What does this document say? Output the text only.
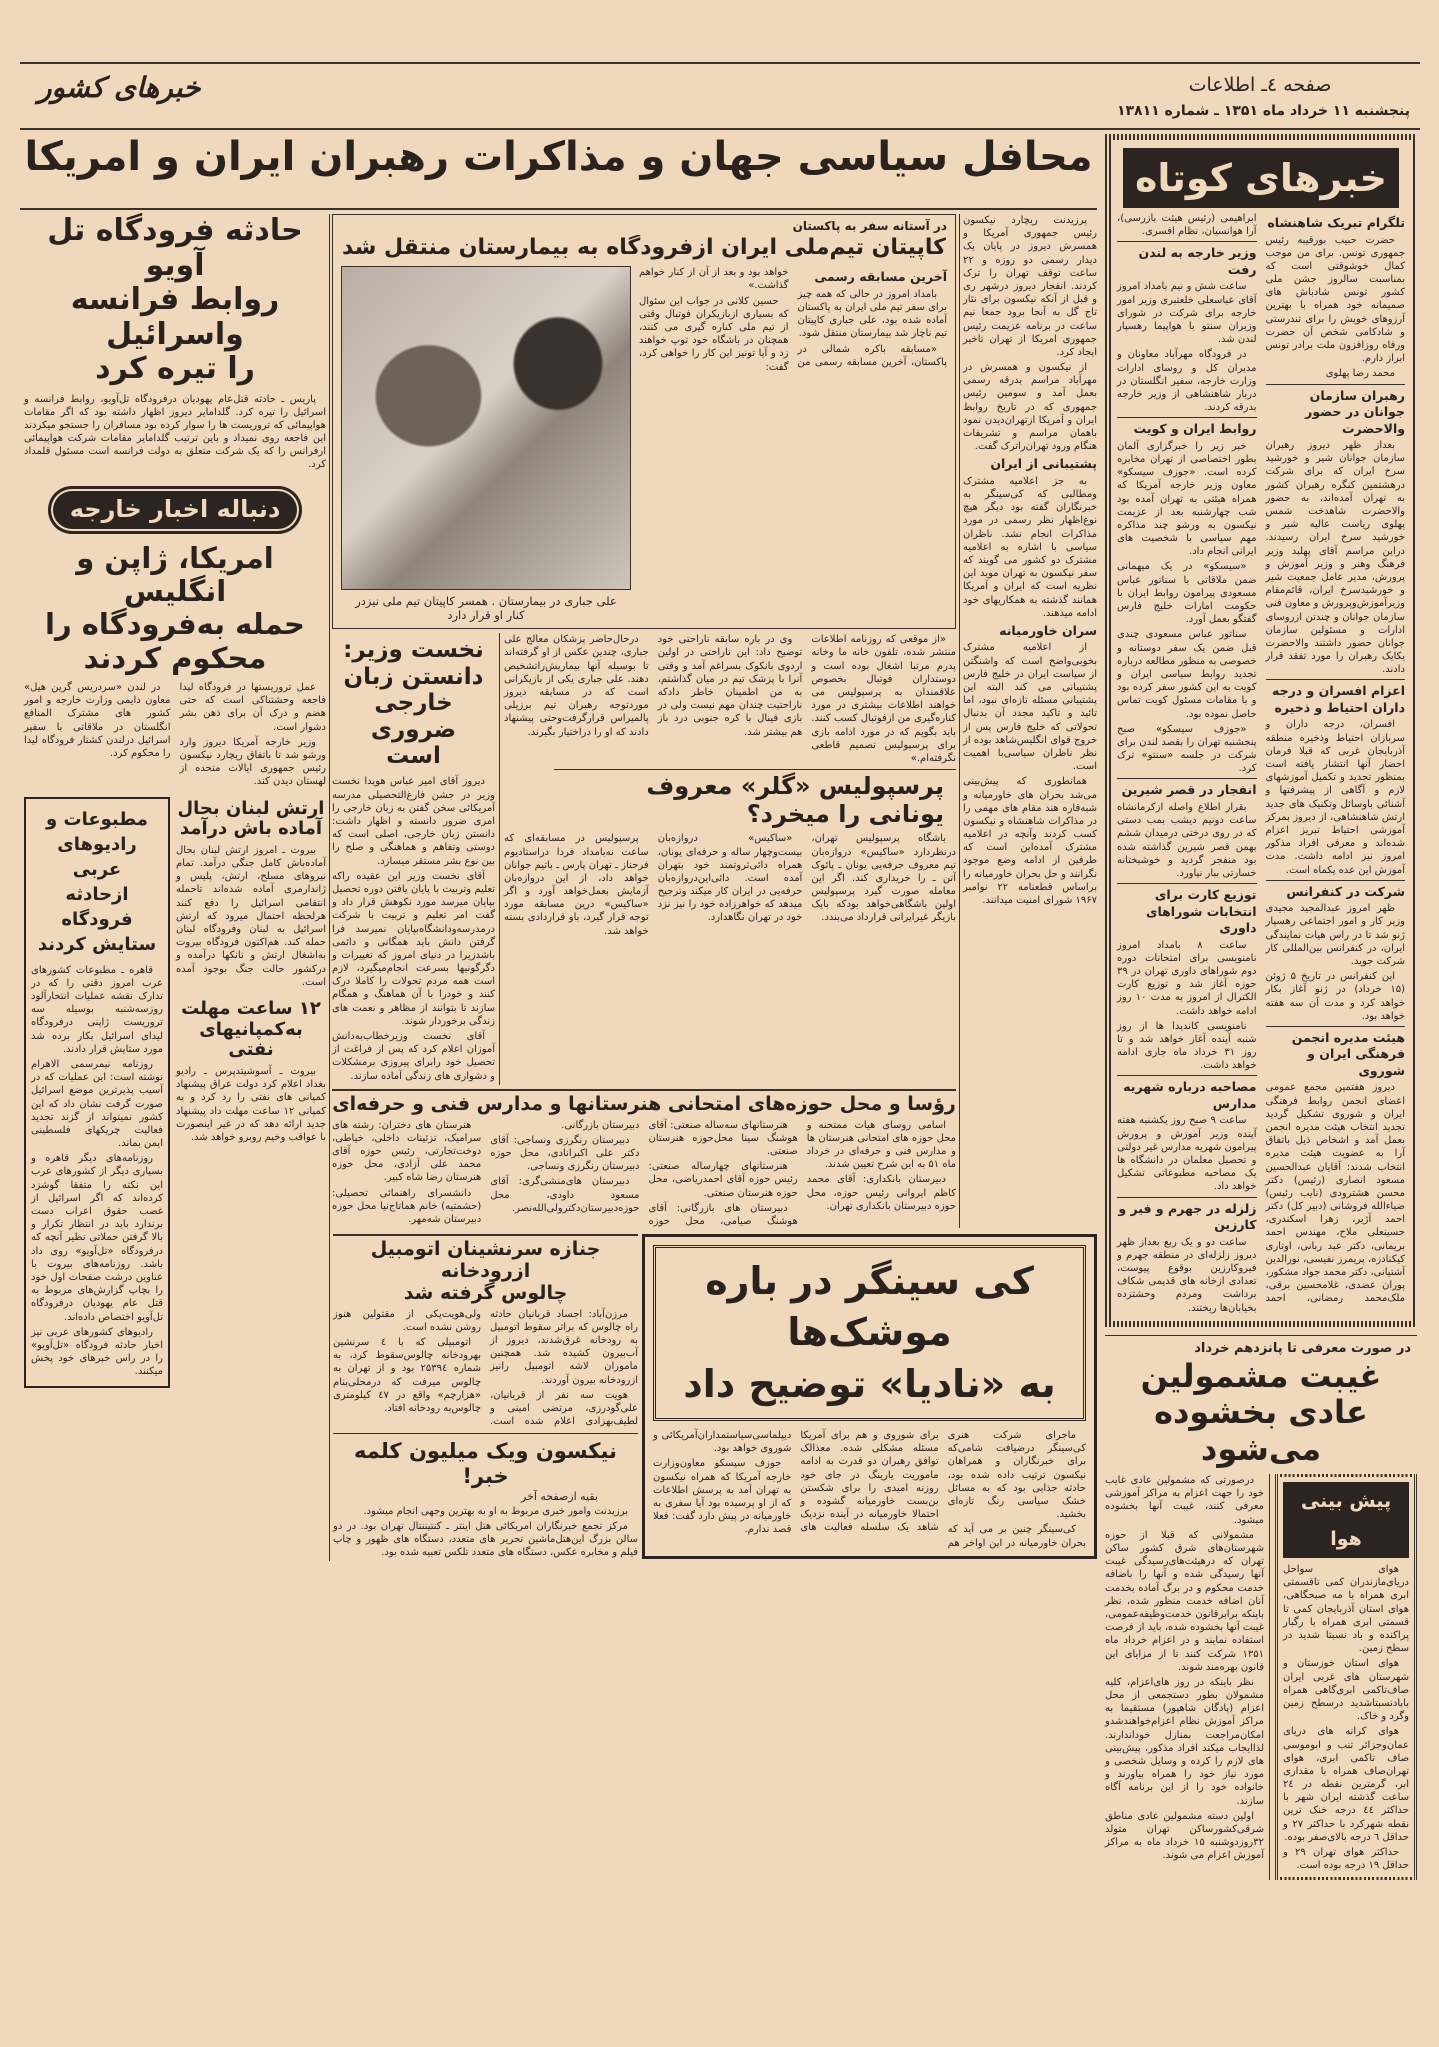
خبرهای کشور	صفحه ٤ـ اطلاعات
پنجشنبه ۱۱ خرداد ماه ۱۳۵۱ ـ شماره ۱۳۸۱۱
خبرهای کوتاه
تلگرام تبریک شاهنشاه

حضرت حبیب بورقیبه رئیس جمهوری تونس. برای من موجب کمال خوشوقتی است که بمناسبت سالروز جشن ملی کشور تونس شادباش های صمیمانه خود همراه با بهترین آرزوهای خویش را برای تندرستی و شادکامی شخص آن حضرت ورفاه روزافزون ملت برادر تونس ابراز دارم.

محمد رضا پهلوی

رهبران سازمان جوانان در حضور والاحضرت

بعداز ظهر دیروز رهبران سازمان جوانان شیر و خورشید سرخ ایران که برای شرکت درهشتمین کنگره رهبران کشور به تهران آمده‌اند، به حضور والاحضرت شاهدخت شمس پهلوی ریاست عالیه شیر و خورشید سرخ ایران رسیدند. دراین مراسم آقای پهلبد وزیر فرهنگ وهنر و وزیر آموزش و پرورش، مدیر عامل جمعیت شیر و خورشیدسرخ ایران، قائم‌مقام وزیرآموزش‌وپرورش و معاون فنی سازمان جوانان و چندتن ازروسای ادارات و مسئولین سازمان جوانان حضور داشتند والاحضرت یکایک رهبران را مورد تفقد قرار دادند.

اعزام افسران و درجه داران احتیاط و ذخیره

افسران، درجه داران و سربازان احتیاط وذخیره منطقه آذربایجان غربی که قبلا فرمان احضار آنها انتشار یافته است بمنظور تجدید و تکمیل آموزشهای لازم و آگاهی از پیشرفتها و آشنائی باوسائل وتکنیک های جدید ارتش شاهنشاهی، از دیروز بمرکز آموزشی احتیاط تبریز اعزام شده‌اند و معرفی افراد مذکور امروز نیز ادامه داشت. مدت آموزش این عده یکماه است.

شرکت در کنفرانس

ظهر امروز عبدالمجید مجیدی وزیر کار و امور اجتماعی رهسپار ژنو شد تا در راس هیات نمایندگی ایران، در کنفرانس بین‌المللی کار شرکت جوید.

این کنفرانس در تاریخ ۵ ژوئن (۱۵ خرداد) در ژنو آغاز بکار خواهد کرد و مدت آن سه هفته خواهد بود.

هیئت مدیره انجمن فرهنگی ایران و شوروی

دیروز هفتمین مجمع عمومی اعضای انجمن روابط فرهنگی ایران و شوروی تشکیل گردید تجدید انتخاب هیئت مدیره انجمن بعمل آمد و اشخاص ذیل باتفاق آرا به عضویت هیئت مدیره انتخاب شدند: آقایان عبدالحسین مسعود انصاری (رئیس) دکتر محسن هشترودی (نایب رئیس) ضیاءالله فروشانی (دبیر کل) دکتر احمد آژیر، زهرا اسکندری، حسینعلی ملاح، مهندس احمد بریمانی، دکتر عبد ربانی، اوتاری کیکنادزه، پریمرز نفیسی، نورالدین آشتیانی، دکتر محمد جواد مشکور، پوران عضدی، غلامحسین برقی، ملک‌محمد رمضانی، احمد ابراهیمی (رئیس هیئت بازرسی)، آرا هوانسیان، نظام افسری.

وزیر خارجه به لندن رفت

ساعت شش و نیم بامداد امروز آقای عباسعلی خلعتبری وزیر امور خارجه برای شرکت در شورای وزیران سنتو با هواپیما رهسپار لندن شد.

در فرودگاه مهرآباد معاونان و مدیران کل و روسای ادارات وزارت خارجه، سفیر انگلستان در دربار شاهنشاهی از وزیر خارجه بدرقه کردند.

روابط ایران و کویت

خبر زیر را خبرگزاری آلمان بطور اختصاصی از تهران مخابره کرده است. «جوزف سیسکو» معاون وزیر خارجه آمریکا که همراه هیئتی به تهران آمده بود شب چهارشنبه بعد از عزیمت نیکسون به ورشو چند مذاکره مهم سیاسی با شخصیت های ایرانی انجام داد.

«سیسکو» در یک میهمانی ضمن ملاقاتی با سناتور عباس مسعودی پیرامون روابط ایران با حکومت امارات خلیج فارس گفتگو بعمل آورد.

سناتور عباس مسعودی چندی قبل ضمن یک سفر دوستانه و خصوصی به منظور مطالعه درباره تجدید روابط سیاسی ایران و کویت به این کشور سفر کرده بود و با مقامات مسئول کویت تماس حاصل نموده بود.

«جوزف سیسکو» صبح پنجشنبه تهران را بقصد لندن برای شرکت در جلسه «سنتو» ترک کرد.

انفجار در قصر شیرین

بقرار اطلاع واصله ازکرمانشاه ساعت دونیم دیشب بمب دستی که در روی درختی درمیدان ششم بهمن قصر شیرین گذاشته شده بود منفجر گردید و خوشبختانه خسارتی ببار نیاورد.

توزیع کارت برای انتخابات شوراهای داوری

ساعت ۸ بامداد امروز نامنویسی برای امتحانات دوره دوم شوراهای داوری تهران در ۳۹ حوزه آغاز شد و توزیع کارت الکترال از امروز به مدت ۱۰ روز ادامه خواهد داشت.

نامنویسی کاندیدا ها از روز شنبه آینده آغاز خواهد شد و تا روز ۳۱ خرداد ماه جاری ادامه خواهد داشت.

مصاحبه درباره شهریه مدارس

ساعت ۹ صبح روز یکشنبه هفته آینده وزیر آموزش و پرورش پیرامون شهریه مدارس غیر دولتی و تحصیل معلمان در دانشگاه ها یک مصاحبه مطبوعاتی تشکیل خواهد داد.

زلزله در جهرم و فیر و کارزین

ساعت دو و یک ربع بعداز ظهر دیروز زلزله‌ای در منطقه جهرم و فیروکارزین بوقوع پیوست، تعدادی ازخانه های قدیمی شکاف برداشت ومردم وحشتزده بخیابان‌ها ریختند.

در صورت معرفی تا پانزدهم خرداد
غیبت مشمولین
عادی بخشوده می‌شود
پیش بینی هوا

هوای سواحل دریای‌مازندران کمی تاقسمتی ابری همراه با مه صبحگاهی، هوای استان آذربایجان کمی تا قسمتی ابری همراه با رگبار پراکنده و باد نسبتا شدید در سطح زمین.

هوای استان خوزستان و شهرستان های غربی ایران صاف‌تاکمی ابری‌گاهی همراه بابادنسبتاشدید درسطح زمین وگرد و خاک.

هوای کرانه های دریای عمان‌وجزائر تنب و ابوموسی صاف تاکمی ابری، هوای تهران‌صاف همراه با مقداری ابر، گرمترین نقطه در ۲٤ ساعت گذشته ایران شهر با حداکثر ٤٤ درجه خنک ترین نقطه شهرکرد با حداکثر ۲۷ و حداقل ٦ درجه بالای‌صفر بوده.

حداکثر هوای تهران ۲۹ و حداقل ۱۹ درجه بوده است.

درصورتی که مشمولین عادی غایب خود را جهت اعزام به مراکز آموزشی معرفی کنند، غیبت آنها بخشوده میشود.

مشمولانی که قبلا از حوزه شهرستان‌های شرق کشور ساکن تهران که درهیئت‌های‌رسیدگی غیبت آنها رسیدگی شده و آنها را باضافه خدمت محکوم و در برگ آماده بخدمت آنان اضافه خدمت منظور شده، نظر باینکه برابرقانون خدمت‌وظیفه‌عمومی، غیبت آنها بخشوده شده، باید از فرصت استفاده نمایند و در اعزام خرداد ماه ۱۳۵۱ شرکت کنند تا از مزایای این قانون بهره‌مند شوند.

نظر باینکه در روز های‌اعزام، کلیه مشمولان بطور دستجمعی از محل اعزام (پادگان شاهپور) مستقیما به مراکز آموزش نظام اعزام‌خواهندشدو امکان‌مراجعت بمنازل خوداندارند. لذاایجاب میکند افراد مذکور، پیش‌بینی های لازم را کرده و وسایل شخصی و مورد نیاز خود را همراه بیاورند و خانواده خود را از این برنامه آگاه سازند.

اولین دسته مشمولین عادی مناطق شرقی‌کشورساکن تهران متولد ۳۲روزدوشنبه ۱۵ خرداد ماه به مراکز آموزش اعزام می شوند.

محافل سیاسی جهان و مذاکرات رهبران ایران و امریکا

پرزیدنت ریچارد نیکسون رئیس جمهوری آمریکا و همسرش دیروز در پایان یک دیدار رسمی دو روزه و ۲۲ ساعت توقف تهران را ترک کردند. انفجار دیروز درشهر ری و قبل از آنکه نیکسون برای نثار تاج گل به آنجا برود جمعا نیم ساعت در برنامه عزیمت رئیس جمهوری امریکا از تهران تاخیر ایجاد کرد.

از نیکسون و همسرش در مهرآباد مراسم بدرقه رسمی بعمل آمد و سومین رئیس جمهوری که در تاریخ روابط ایران و آمریکا ازتهران‌دیدن نمود باهمان مراسم و تشریفات هنگام ورود تهران‌راترک گفت.

پشتیبانی از ایران

به جز اعلامیه مشترک ومطالبی که کی‌سینگر به خبرنگاران گفته بود دیگر هیچ نوع‌اظهار نظر رسمی در مورد مذاکرات انجام نشد. ناظران سیاسی با اشاره به اعلامیه مشترک دو کشور می گویند که سفر نیکسون به تهران موید این نظریه است که ایران و آمریکا همانند گذشته به همکاریهای خود ادامه میدهند.

سران خاورمیانه

از اعلامیه مشترک بخوبی‌واضح است که واشنگتن از سیاست ایران در خلیج فارس پشتیبانی می کند البته این پشتیبانی مسئله تازه‌ای نبود، اما تائید و تاکید مجدد آن بدنبال تحولاتی که خلیج فارس پس از خروج قوای انگلیس‌شاهد بوده از نظر ناظران سیاسی‌با اهمیت است.

همانطوری که پیش‌بینی می‌شد بحران های خاورمیانه و شبه‌قاره هند مقام های مهمی را در مذاکرات شاهنشاه و نیکسون کسب کردند وآنچه در اعلامیه مشترک آمده‌این است که طرفین از ادامه وضع موجود نگرانند و حل بحران خاورمیانه را براساس قطعنامه ۲۲ نوامبر ۱۹۶۷ شورای امنیت میدانند.

در آستانه سفر به پاکستان
کاپیتان تیم‌ملی ایران ازفرودگاه به بیمارستان منتقل شد
آخرین مسابقه رسمی

بامداد امروز در حالی که همه چیز برای سفر تیم ملی ایران به پاکستان آماده شده بود، علی جباری کاپیتان تیم ناچار شد بیمارستان منتقل شود.

«مسابقه باکره شمالی در پاکستان، آخرین مسابقه رسمی من خواهد بود و بعد از آن از کنار خواهم گذاشت.»

حسین کلانی در جواب این سئوال که بسیاری ازبازیکران فوتبال وقتی از تیم ملی کناره گیری می کنند، همچنان در باشگاه خود توپ خواهند زد و آیا تونیز این کار را خواهی کرد، گفت:

علی جباری در بیمارستان . همسر کاپیتان تیم ملی نیزدر کنار او قرار دارد

«از موقعی که روزنامه اطلاعات منتشر شده، تلفون خانه ما وخانه پدرم مرتبا اشغال بوده است و دوستداران فوتبال بخصوص علاقمندان به پرسپولیس می خواهند اطلاعات بیشتری در مورد کناره‌گیری من ازفوتبال کسب کنند. باید بگویم که در مورد ادامه بازی برای پرسپولیس تصمیم قاطعی نگرفته‌ام.»

وی در باره سابقه ناراحتی خود توضیح داد: این ناراحتی در اولین اردوی بانکوک بسراغم آمد و وقتی آنرا با پزشک تیم در میان گذاشتم، به من اطمینان خاطر دادکه ناراحتیت چندان مهم نیست ولی در بازی فینال با کره جنوبی درد باز هم بیشتر شد.

درحال‌حاضر پزشکان معالج علی جباری، چندین عکس از او گرفته‌اند تا بوسیله آنها بیماریش‌راتشخیص دهند. علی جباری یکی از بازیکرانی است که در مسابقه دیروز موردتوجه رهبران تیم برزیلی پالمیراس قرارگرفت‌وحتی پیشنهاد دادند که او را دراختیار بگیرند.

پرسپولیس «گلر» معروف
یونانی را میخرد؟

باشگاه پرسپولیس تهران، درنظردارد «ساکیس» دروازه‌بان تیم معروف حرفه‌یی یونان ـ پائوک آتن ـ را خریداری کند. اگر این معامله صورت گیرد پرسپولیس اولین باشگاهی‌خواهد بودکه بایک بازیگر غیرایرانی قرارداد می‌بندد.

«ساکیس» دروازه‌بان بیست‌وچهار ساله و حرفه‌ای یونان، همراه دائی‌ثروتمند خود بتهران آمده است. دائی‌این‌دروازه‌بان حرفه‌یی در ایران کار میکند وترجیح میدهد که خواهرزاده خود را نیز نزد خود در تهران نگاهدارد.

پرسپولیس در مسابقه‌ای که ساعت نه‌بامداد فردا دراستادیوم فرحناز ـ تهران پارس ـ باتیم جوانان خواهد داد، از این دروازه‌بان آزمایش بعمل‌خواهد آورد و اگر «ساکیس» درین مسابقه مورد توجه قرار گیرد، باو قراردادی بسته خواهد شد.

نخست وزیر:
دانستن زبان
خارجی ضروری
است

دیروز آقای امیر عباس هویدا نخست وزیر در جشن فارغ‌التحصیلی مدرسه آمریکائی سخن گفتن به زبان خارجی را امری ضرور دانسته و اظهار داشت: دانستن زبان خارجی، اصلی است که دوستی وتفاهم و هماهنگی و صلح را بین نوع بشر مستقر میسازد.

آقای نخست وزیر این عقیده راکه تعلیم وتربیت با پایان یافتن دوره تحصیل بپایان میرسد مورد نکوهش قرار داد و گفت امر تعلیم و تربیت با شرکت درمدرسه‌ودانشگاه‌بپایان نمیرسد فرا گرفتن دانش باید همگانی و دائمی باشدزیرا در دنیای امروز که تغییرات و دگرگونیها بسرعت انجام‌میگیرد، لازم است همه مردم تحولات را کاملا درک کنند و خودرا با آن هماهنگ و همگام سازند تا بتوانند از مظاهر و نعمت های زندگی برخوردار شوند.

آقای نخست وزیرخطاب‌به‌دانش آموزان اعلام کرد که پس از فراغت از تحصیل خود رابرای پیروزی برمشکلات و دشواری های زندگی آماده سازند.

رؤسا و محل حوزه‌های امتحانی هنرستانها و مدارس فنی و حرفه‌ای

اسامی روسای هیات ممتحنه و محل حوزه های امتحانی هنرستان ها و مدارس فنی و حرفه‌ای در خرداد ماه ۵۱ به این شرح تعیین شدند.

دبیرستان بانکداری: آقای محمد کاظم ایروانی رئیس حوزه، محل حوزه دبیرستان بانکداری تهران.

هنرستانهای سه‌ساله صنعتی: آقای هوشنگ سینا محل‌حوزه هنرستان صنعتی.

هنرستانهای چهارساله صنعتی: رئیس حوزه آقای احمدریاضی، محل حوزه هنرستان صنعتی.

دبیرستان های بازرگانی: آقای هوشنگ صیامی، محل حوزه دبیرستان بازرگانی.

دبیرستان رنگرزی ونساجی: آقای دکتر علی اکبرانادی، محل حوزه دبیرستان رنگرزی ونساجی.

دبیرستان های‌منشی‌گری: آقای مسعود داودی، محل حوزه‌دبیرستان‌دکتر‌ولی‌الله‌نصر.

هنرستان های دختران: رشته های سرامیک، تزئینات داخلی، خیاطی، دوخت‌تجارتی، رئیس حوزه آقای محمد علی آزادی، محل حوزه هنرستان رضا شاه کبیر.

دانشسرای راهنمائی تحصیلی: (حشمتیه) خانم هماتاج‌نیا محل حوزه دبیرستان شه‌مهر.

کی سینگر در باره موشک‌ها
به «نادیا» توضیح داد

ماجرای شرکت هنری کی‌سینگر درضیافت شامی‌که برای خبرنگاران و همراهان نیکسون ترتیب داده شده بود، حادثه جذابی بود که به مسائل خشک سیاسی رنگ تازه‌ای بخشید.

کی‌سینگر چنین بر می آید که بحران خاورمیانه در این اواخر هم برای شوروی و هم برای آمریکا مسئله مشکلی شده. معذالک توافق رهبران دو قدرت به ادامه ماموریت یارینگ در جای خود روزنه امیدی را برای شکستن بن‌بست خاورمیانه گشوده و احتمالا خاورمیانه در آینده نزدیک شاهد یک سلسله فعالیت های دیپلماسی‌سیاستمداران‌آمریکائی و شوروی خواهد بود.

جوزف سیسکو معاون‌وزارت خارجه آمریکا که همراه نیکسون به تهران آمد به پرسش اطلاعات که از او پرسیده بود آیا سفری به خاورمیانه در پیش دارد گفت: فعلا قصد ندارم.

جنازه سرنشینان اتومبیل ازرودخانه
چالوس گرفته شد

مرزن‌آباد: اجساد قربانیان حادثه راه چالوس که براثر سقوط اتومبیل به رودخانه غرق‌شدند، دیروز از آب‌بیرون کشیده شد. همچنین ماموران لاشه اتومبیل رانیز ازرودخانه بیرون آوردند.

هویت سه نفر از قربانیان، علی‌گودرزی، مرتضی امینی و لطیف‌بهزادی اعلام شده است. ولی‌هویت‌یکی از مقتولین هنوز روشن نشده است.

اتومبیلی که با ٤ سرنشین بهرودخانه چالوس‌سقوط کرد، به شماره ۲۵۳۹٤ بود و از تهران به چالوس میرفت که درمحلی‌بنام «هزارچم» واقع در ٤۷ کیلومتری چالوس‌به رودخانه افتاد.

نیکسون ویک میلیون کلمه خبر!
بقیه ازصفحه آخر

برزیدنت وامور خبری مربوط به او به بهترین وجهی انجام میشود.

مرکز تجمع خبرنگاران امریکائی هتل اینتر ـ کنتیننتال تهران بود. در دو سالن بزرگ این‌هتل‌ماشین تحریر های متعدد، دستگاه های ظهور و چاپ فیلم و مخابره عکس، دستگاه های متعدد تلکس تعبیه شده بود.

حادثه فرودگاه تل آویو
روابط فرانسه واسرائیل
را تیره کرد

پاریس ـ حادثه قتل‌عام یهودیان درفرودگاه تل‌آویو، روابط فرانسه و اسرائیل را تیره کرد. گلدامایر دیروز اظهار داشته بود که اگر مقامات هواپیمائی که تروریست ها را سوار کرده بود مسافران را جستجو میکردند این فاجعه روی نمیداد و باین ترتیب گلدامایر مقامات شرکت هواپیمائی ارفرانس را که یک شرکت متعلق به دولت فرانسه است مسئول قلمداد کرد.

دنباله اخبار خارجه
امریکا، ژاپن و انگلیس
حمله به‌فرودگاه را
محکوم کردند

عمل تروریستها در فرودگاه لیدا فاجعه وحشتناکی است که حتی هضم و درک آن برای ذهن بشر دشوار است.

وزیر خارجه آمریکا دیروز وارد ورشو شد تا باتفاق ریچارد نیکسون رئیس جمهوری ایالات متحده از لهستان دیدن کند.

در لندن «سردریس گرین هیل» معاون دایمی وزارت خارجه و امور کشور های مشترک المنافع انگلستان در ملاقاتی با سفیر اسرائیل درلندن کشتار فرودگاه لیدا را محکوم کرد.

ارتش لبنان بحال
آماده باش درآمد

بیروت ـ امروز ارتش لبنان بحال آماده‌باش کامل جنگی درآمد. تمام نیروهای مسلح، ارتش، پلیس و ژاندارمری آماده شده‌اند تاحمله انتقامی اسرائیل را دفع کنند هرلحظه احتمال میرود که ارتش اسرائیل به لبنان وفرودگاه لبنان حمله کند. هم‌اکنون فرودگاه بیروت به‌اشغال ارتش و تانکها درآمده و درکشور حالت جنگ بوجود آمده است.

۱۲ ساعت مهلت
به‌کمپانیهای نفتی

بیروت ـ آسوشیتدپرس ـ رادیو بغداد اعلام کرد دولت عراق پیشنهاد کمپانی های نفتی را رد کرد و به کمپانی ۱۲ ساعت مهلت داد پیشنهاد جدید ارائه دهد که در غیر اینصورت با عواقب وخیم روبرو خواهد شد.

مطبوعات و
رادیوهای عربی
ازحادثه فرودگاه
ستایش کردند

قاهره ـ مطبوعات کشورهای عرب امروز دقتی را که در تدارک نقشه عملیات انتحارآلود روزسه‌شنبه بوسیله سه تروریست ژاپنی درفرودگاه لیدای اسرائیل بکار برده شد مورد ستایش قرار دادند.

روزنامه نیمرسمی الاهرام نوشته است: این عملیات که در آسیب پذیرترین موضع اسرائیل صورت گرفت نشان داد که این کشور نمیتواند از گزند تجدید فعالیت چریکهای فلسطینی ایمن بماند.

روزنامه‌های دیگر قاهره و بسیاری دیگر از کشورهای عرب این نکته را متفقا گوشزد کرده‌اند که اگر اسرائیل از غصب حقوق اعراب دست برندارد باید در انتظار تکرار و بالا گرفتن حملاتی نظیر آنچه که درفرودگاه «تل‌آویو» روی داد باشد. روزنامه‌های بیروت با عناوین درشت صفحات اول خود را بچاپ گزارش‌های مربوط به قتل عام یهودیان درفرودگاه تل‌آویو اختصاص داده‌اند.

رادیوهای کشورهای عربی نیز اخبار حادثه فرودگاه «تل‌آویو» را در راس خبرهای خود پخش میکنند.
